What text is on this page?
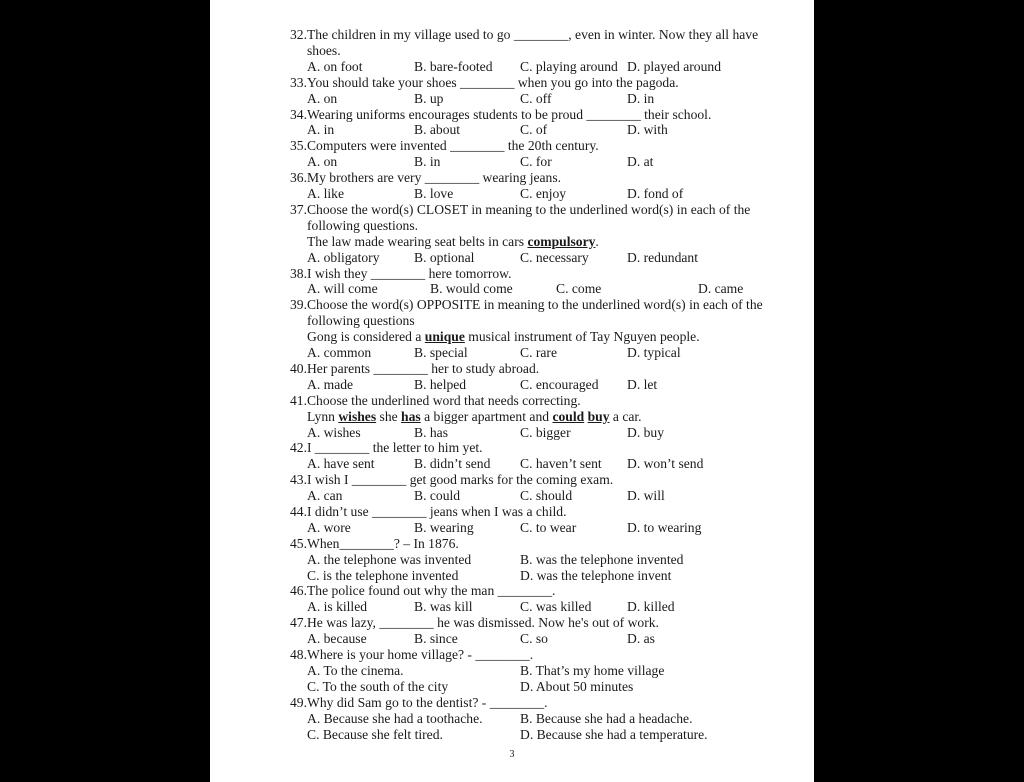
32.The children in my village used to go ________, even in winter. Now they all have
shoes.
A. on foot	B. bare-footed C. playing around D. played around
33.You should take your shoes ________ when you go into the pagoda.
A. on	B. up	C. off	D. in
34.Wearing uniforms encourages students to be proud ________ their school.
A. in	B. about	C. of	D. with
35.Computers were invented ________ the 20th century.
A. on	B. in	C. for	D. at
36.My brothers are very ________ wearing jeans.
A. like	B. love	C. enjoy	D. fond of
37.Choose the word(s) CLOSET in meaning to the underlined word(s) in each of the
following questions.
The law made wearing seat belts in cars compulsory.
A. obligatory	B. optional	C. necessary	D. redundant
38.I wish they ________ here tomorrow.
A. will come	B. would come	C. come	D. came
39.Choose the word(s) OPPOSITE in meaning to the underlined word(s) in each of the
following questions
Gong is considered a unique musical instrument of Tay Nguyen people.
A. common	B. special	C. rare	D. typical
40.Her parents ________ her to study abroad.
A. made	B. helped	C. encouraged D. let
41.Choose the underlined word that needs correcting.
Lynn wishes she has a bigger apartment and could buy a car.
A. wishes	B. has	C. bigger	D. buy
42.I ________ the letter to him yet.
A. have sent	B. didn’t send C. haven’t sent D. won’t send
43.I wish I ________ get good marks for the coming exam.
A. can	B. could	C. should	D. will
44.I didn’t use ________ jeans when I was a child.
A. wore	B. wearing	C. to wear	D. to wearing
45.When________? – In 1876.
A. the telephone was invented	B. was the telephone invented
C. is the telephone invented	D. was the telephone invent
46.The police found out why the man ________.
A. is killed	B. was kill	C. was killed	D. killed
47.He was lazy, ________ he was dismissed. Now he's out of work.
A. because	B. since	C. so	D. as
48.Where is your home village? - ________.
A. To the cinema.	B. That’s my home village
C. To the south of the city	D. About 50 minutes
49.Why did Sam go to the dentist? - ________.
A. Because she had a toothache.	B. Because she had a headache.
C. Because she felt tired.	D. Because she had a temperature.
3
